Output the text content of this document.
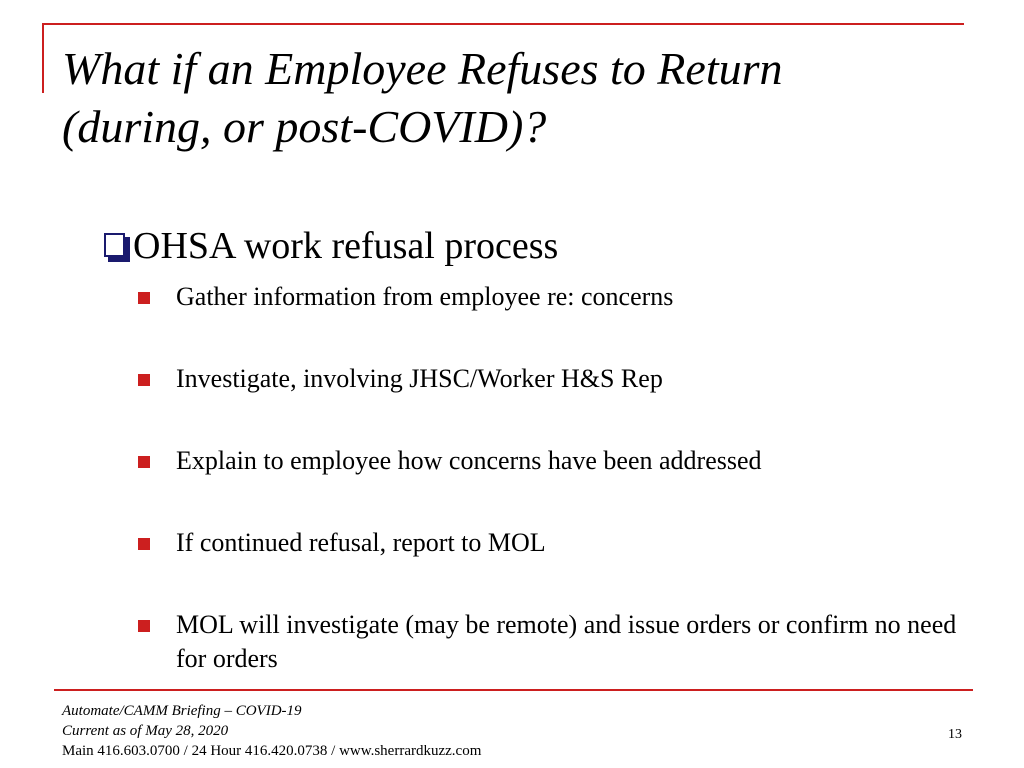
What if an Employee Refuses to Return
(during, or post-COVID)?
OHSA work refusal process
Gather information from employee re: concerns
Investigate, involving JHSC/Worker H&S Rep
Explain to employee how concerns have been addressed
If continued refusal, report to MOL
MOL will investigate (may be remote) and issue orders or confirm no need for orders
Automate/CAMM Briefing – COVID-19
Current as of May 28, 2020
Main 416.603.0700 / 24 Hour 416.420.0738 / www.sherrardkuzz.com
13
